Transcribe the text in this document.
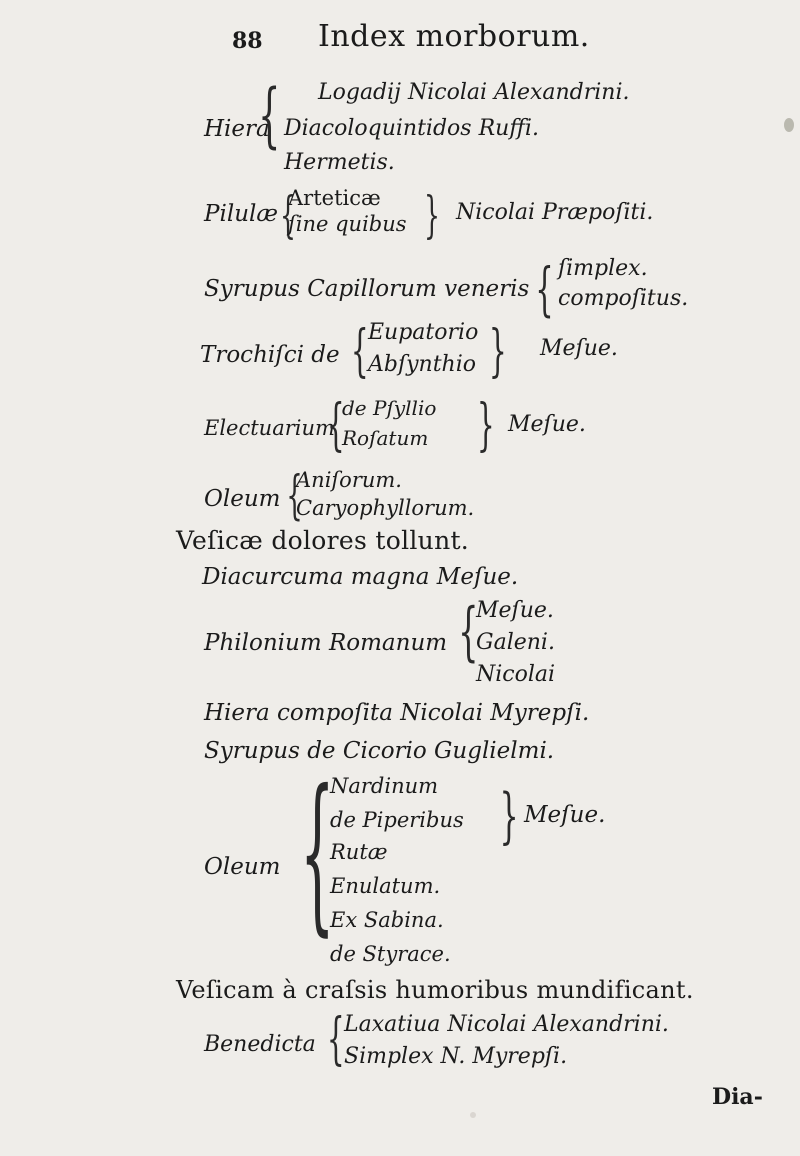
88 Index morborum.
Hiera
{ Logadij Nicolai Alexandrini.
Diacoloquintidos Ruffi.
Hermetis.
Pilulæ {
Arteticæ
ſine quibus } Nicolai Præpoſiti.
Syrupus Capillorum veneris { ſimplex.
compoſitus.
Trochiſci de { Eupatorio
Abſynthio } Meſue.
Electuarium
{
de Pſyllio
Roſatum } Meſue.
Oleum {
Aniſorum.
Caryophyllorum.
Veſicæ dolores tollunt.
Diacurcuma magna Meſue.
Meſue.
Philonium Romanum {
Galeni.
Nicolai
Hiera compoſita Nicolai Myrepſi.
Syrupus de Cicorio Guglielmi.
Oleum {
Nardinum
de Piperibus
Rutæ
Enulatum.
Ex Sabina.
de Styrace.
} Meſue.
Veſicam à craſsis humoribus mundificant.
Benedicta { Laxatiua Nicolai Alexandrini.
Simplex N. Myrepſi.
Dia-
